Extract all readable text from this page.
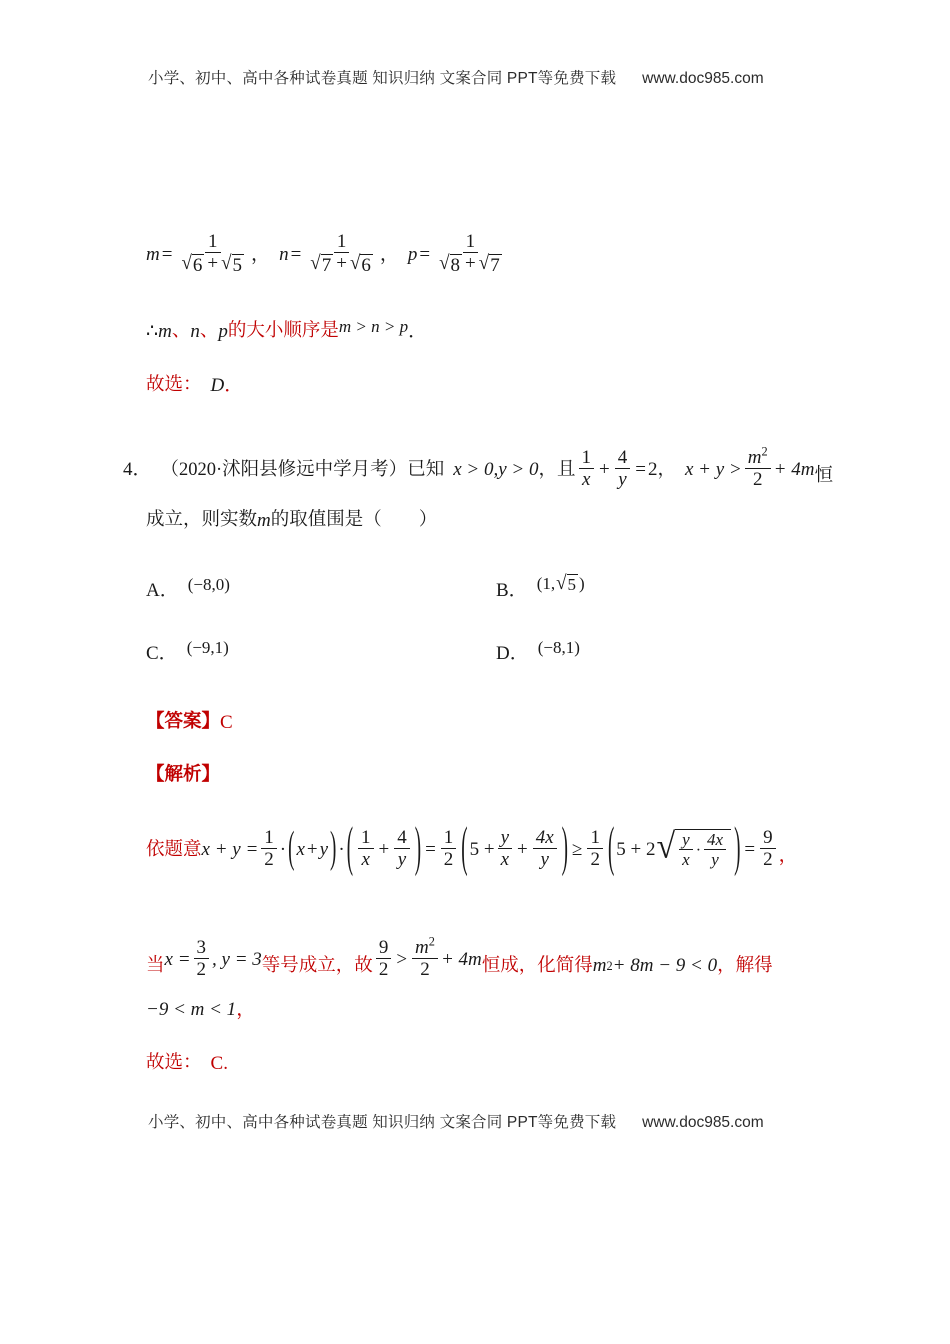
小学、初中、高中各种试卷真题 知识归纳 文案合同 PPT等免费下载 www.doc985.com
$m = \frac{1}{√ 6 + √ 5}$ ， $n = \frac{1}{√ 7 + √ 6}$ ， $p = \frac{1}{√ 8 + √ 7}$
∴ m 、 n 、 p 的大小顺序是 m > n > p ．
故选： D ．
4． （2020·沭阳县修远中学月考） 已知 x > 0, y > 0 ， 且 $\frac{1}{x} + \frac{4}{y} = 2$ ， $x + y > \frac{m^2}{2} + 4m$ 恒
成立，则实数 m 的取值围是（　　）
A． (−8,0)	B． (1, √ 5 )
C． (−9,1)	D． (−8,1)
【答案】 C
【解析】
依题意 $x + y = \frac{1}{2}$ · ( x + y ) · ( $\frac{1}{x} + \frac{4}{y}$ ) = $\frac{1}{2}$ ( $5 + \frac{y}{x} + \frac{4x}{y}$ ) ≥ $\frac{1}{2}$ ( 5 + 2 √ $\frac{y}{x} \cdot \frac{4x}{y}$ ) = $\frac{9}{2}$ ，
当 $x = \frac{3}{2}$ , y = 3 等号成立，故 $\frac{9}{2} > \frac{m^2}{2} + 4m$ 恒成，化简得 m 2 + 8m − 9 < 0 ，解得
−9 < m < 1 ，
故选： C .
小学、初中、高中各种试卷真题 知识归纳 文案合同 PPT等免费下载 www.doc985.com
